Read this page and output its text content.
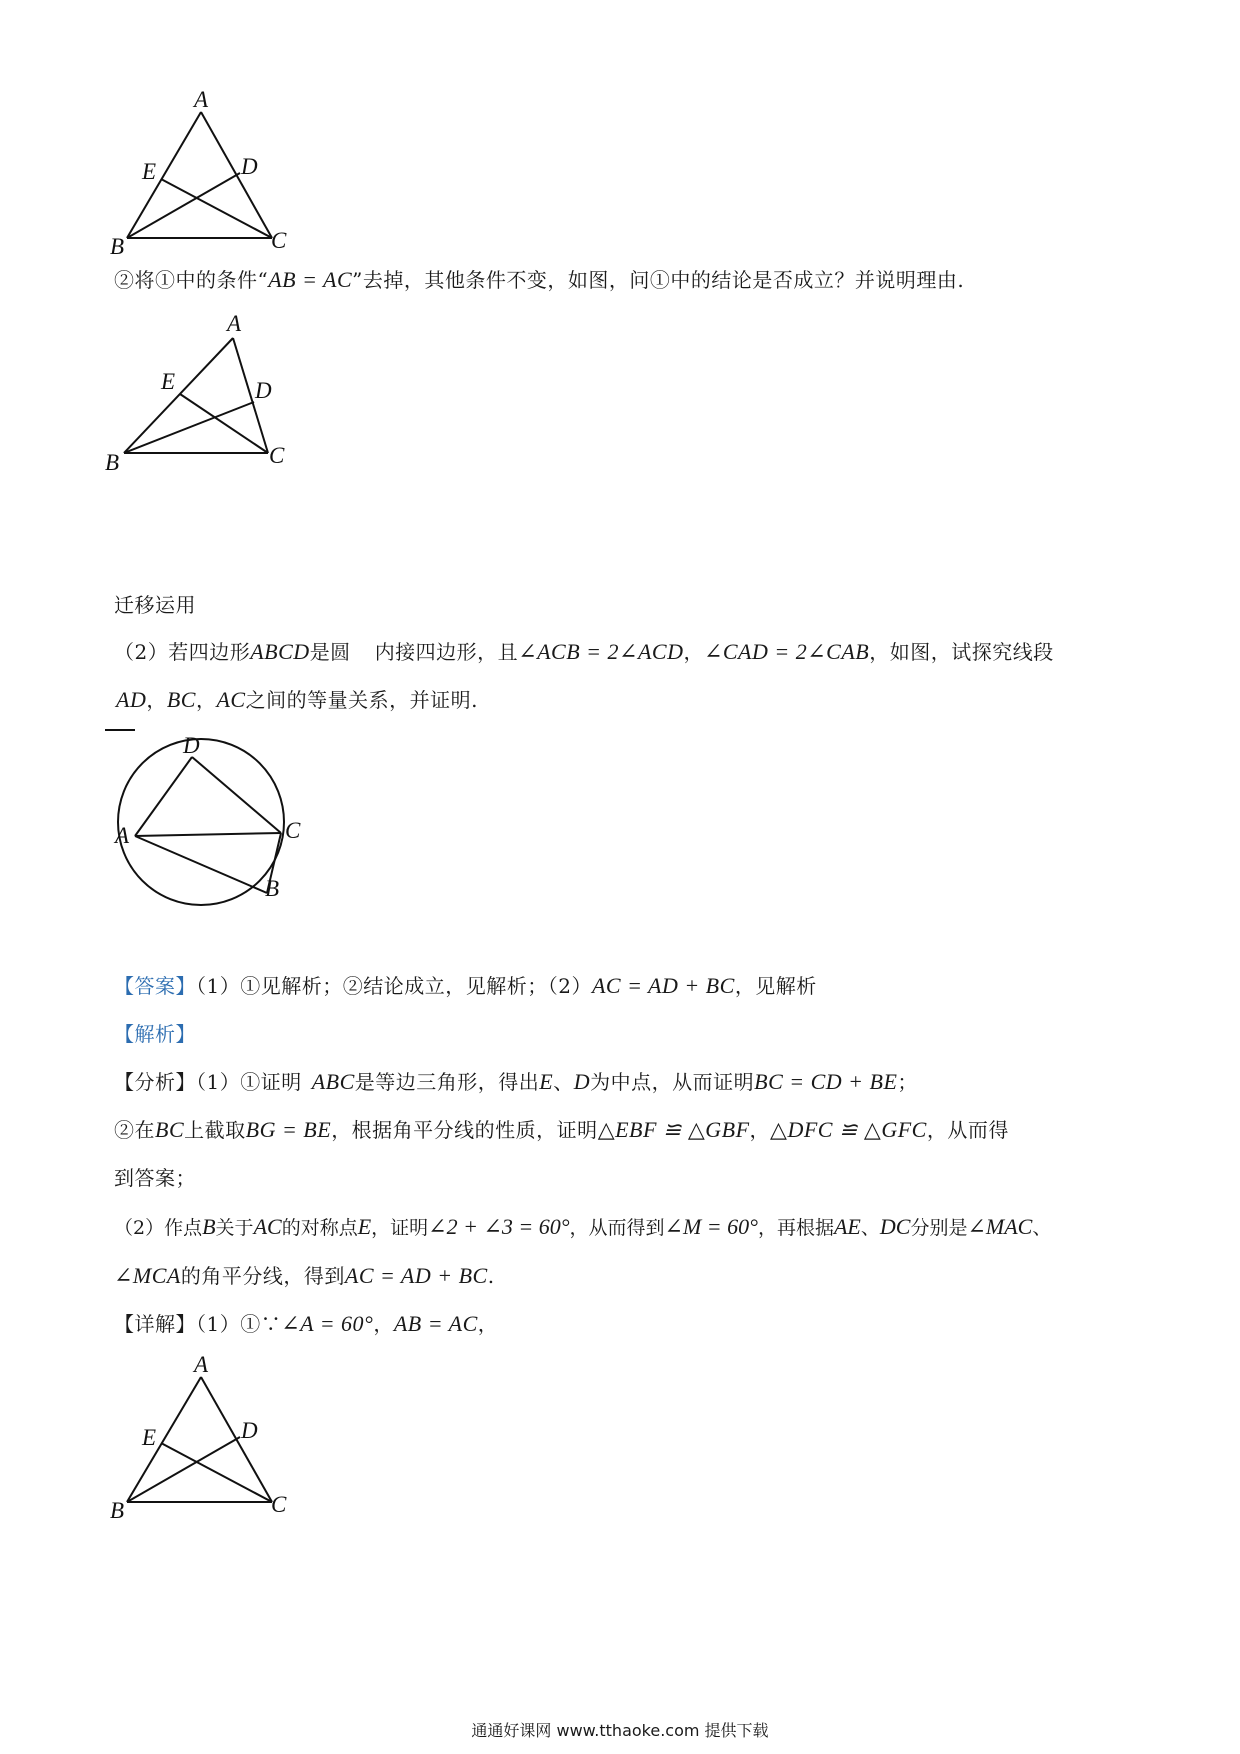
A
E	D
B	C
②将①中的条件“AB = AC”去掉，其他条件不变，如图，问①中的结论是否成立？并说明理由.
A
E	D
B	C
迁移运用
（2）若四边形ABCD是圆 内接四边形，且∠ACB = 2∠ACD，∠CAD = 2∠CAB，如图，试探究线段
AD，BC，AC之间的等量关系，并证明.
D
A	C
B
【答案】（1）①见解析；②结论成立，见解析；（2）AC = AD + BC，见解析
【解析】
【分析】（1）①证明 ABC是等边三角形，得出E、D为中点，从而证明BC = CD + BE；
②在BC上截取BG = BE，根据角平分线的性质，证明△EBF ≌ △GBF，△DFC ≌ △GFC，从而得
到答案；
（2）作点B关于AC的对称点E，证明∠2 + ∠3 = 60°，从而得到∠M = 60°，再根据AE、DC分别是∠MAC、
∠MCA的角平分线，得到AC = AD + BC.
【详解】（1）①∵∠A = 60°，AB = AC，
A
E	D
B	C
通通好课网 www.tthaoke.com 提供下载
